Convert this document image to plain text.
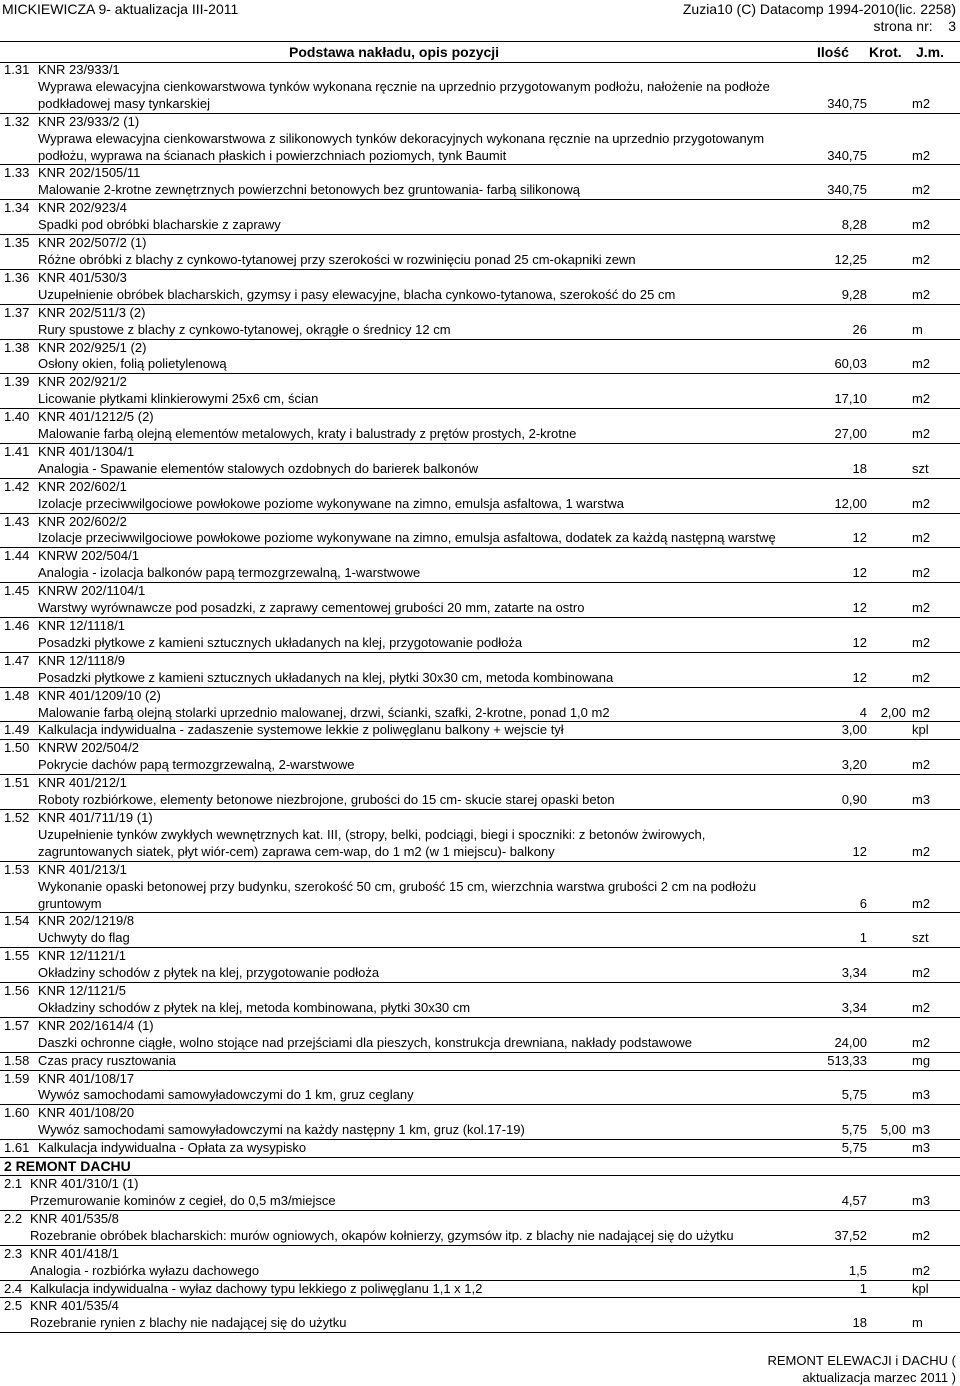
MICKIEWICZA 9- aktualizacja III-2011	Zuzia10 (C) Datacomp 1994-2010(lic. 2258)
strona nr: 3
Podstawa nakładu, opis pozycji	Ilość Krot. J.m.
1.31 KNR 23/933/1
Wyprawa elewacyjna cienkowarstwowa tynków wykonana ręcznie na uprzednio przygotowanym podłożu, nałożenie na podłoże podkładowej masy tynkarskiej	340,75	m2
1.32 KNR 23/933/2 (1)
Wyprawa elewacyjna cienkowarstwowa z silikonowych tynków dekoracyjnych wykonana ręcznie na uprzednio przygotowanym podłożu, wyprawa na ścianach płaskich i powierzchniach poziomych, tynk Baumit	340,75	m2
1.33 KNR 202/1505/11
Malowanie 2-krotne zewnętrznych powierzchni betonowych bez gruntowania- farbą silikonową	340,75	m2
1.34 KNR 202/923/4
Spadki pod obróbki blacharskie z zaprawy	8,28	m2
1.35 KNR 202/507/2 (1)
Różne obróbki z blachy z cynkowo-tytanowej przy szerokości w rozwinięciu ponad 25 cm-okapniki zewn	12,25	m2
1.36 KNR 401/530/3
Uzupełnienie obróbek blacharskich, gzymsy i pasy elewacyjne, blacha cynkowo-tytanowa, szerokość do 25 cm	9,28	m2
1.37 KNR 202/511/3 (2)
Rury spustowe z blachy z cynkowo-tytanowej, okrągłe o średnicy 12 cm	26	m
1.38 KNR 202/925/1 (2)
Osłony okien, folią polietylenową	60,03	m2
1.39 KNR 202/921/2
Licowanie płytkami klinkierowymi 25x6 cm, ścian	17,10	m2
1.40 KNR 401/1212/5 (2)
Malowanie farbą olejną elementów metalowych, kraty i balustrady z prętów prostych, 2-krotne	27,00	m2
1.41 KNR 401/1304/1
Analogia - Spawanie elementów stalowych ozdobnych do barierek balkonów	18	szt
1.42 KNR 202/602/1
Izolacje przeciwwilgociowe powłokowe poziome wykonywane na zimno, emulsja asfaltowa, 1 warstwa	12,00	m2
1.43 KNR 202/602/2
Izolacje przeciwwilgociowe powłokowe poziome wykonywane na zimno, emulsja asfaltowa, dodatek za każdą następną warstwę	12	m2
1.44 KNRW 202/504/1
Analogia - izolacja balkonów papą termozgrzewalną, 1-warstwowe	12	m2
1.45 KNRW 202/1104/1
Warstwy wyrównawcze pod posadzki, z zaprawy cementowej grubości 20 mm, zatarte na ostro	12	m2
1.46 KNR 12/1118/1
Posadzki płytkowe z kamieni sztucznych układanych na klej, przygotowanie podłoża	12	m2
1.47 KNR 12/1118/9
Posadzki płytkowe z kamieni sztucznych układanych na klej, płytki 30x30 cm, metoda kombinowana	12	m2
1.48 KNR 401/1209/10 (2)
Malowanie farbą olejną stolarki uprzednio malowanej, drzwi, ścianki, szafki, 2-krotne, ponad 1,0 m2	4 2,00 m2
1.49 Kalkulacja indywidualna - zadaszenie systemowe lekkie z poliwęglanu balkony + wejscie tył	3,00	kpl
1.50 KNRW 202/504/2
Pokrycie dachów papą termozgrzewalną, 2-warstwowe	3,20	m2
1.51 KNR 401/212/1
Roboty rozbiórkowe, elementy betonowe niezbrojone, grubości do 15 cm- skucie starej opaski beton	0,90	m3
1.52 KNR 401/711/19 (1)
Uzupełnienie tynków zwykłych wewnętrznych kat. III, (stropy, belki, podciągi, biegi i spoczniki: z betonów żwirowych, zagruntowanych siatek, płyt wiór-cem) zaprawa cem-wap, do 1 m2 (w 1 miejscu)- balkony	12	m2
1.53 KNR 401/213/1
Wykonanie opaski betonowej przy budynku, szerokość 50 cm, grubość 15 cm, wierzchnia warstwa grubości 2 cm na podłożu gruntowym	6	m2
1.54 KNR 202/1219/8
Uchwyty do flag	1	szt
1.55 KNR 12/1121/1
Okładziny schodów z płytek na klej, przygotowanie podłoża	3,34	m2
1.56 KNR 12/1121/5
Okładziny schodów z płytek na klej, metoda kombinowana, płytki 30x30 cm	3,34	m2
1.57 KNR 202/1614/4 (1)
Daszki ochronne ciągłe, wolno stojące nad przejściami dla pieszych, konstrukcja drewniana, nakłady podstawowe	24,00	m2
1.58 Czas pracy rusztowania	513,33	mg
1.59 KNR 401/108/17
Wywóz samochodami samowyładowczymi do 1 km, gruz ceglany	5,75	m3
1.60 KNR 401/108/20
Wywóz samochodami samowyładowczymi na każdy następny 1 km, gruz (kol.17-19)	5,75 5,00 m3
1.61 Kalkulacja indywidualna - Opłata za wysypisko	5,75	m3
2 REMONT DACHU
2.1 KNR 401/310/1 (1)
Przemurowanie kominów z cegieł, do 0,5 m3/miejsce	4,57	m3
2.2 KNR 401/535/8
Rozebranie obróbek blacharskich: murów ogniowych, okapów kołnierzy, gzymsów itp. z blachy nie nadającej się do użytku	37,52	m2
2.3 KNR 401/418/1
Analogia - rozbiórka wyłazu dachowego	1,5	m2
2.4 Kalkulacja indywidualna - wyłaz dachowy typu lekkiego z poliwęglanu 1,1 x 1,2	1	kpl
2.5 KNR 401/535/4
Rozebranie rynien z blachy nie nadającej się do użytku	18	m
REMONT ELEWACJI i DACHU (
aktualizacja marzec 2011 )
